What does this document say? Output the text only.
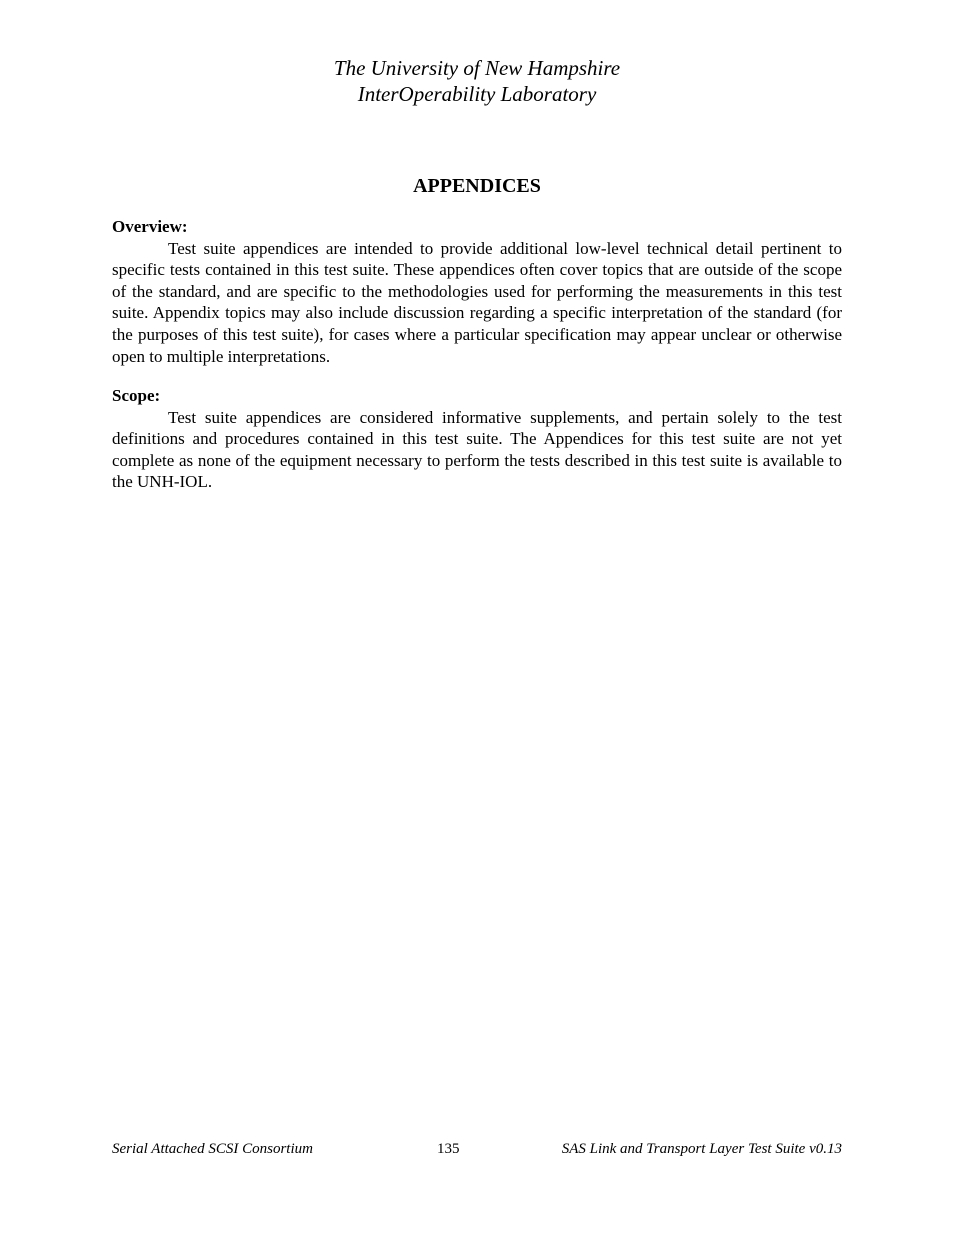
The University of New Hampshire
InterOperability Laboratory
APPENDICES

Overview:

Test suite appendices are intended to provide additional low-level technical detail pertinent to specific tests contained in this test suite. These appendices often cover topics that are outside of the scope of the standard, and are specific to the methodologies used for performing the measurements in this test suite. Appendix topics may also include discussion regarding a specific interpretation of the standard (for the purposes of this test suite), for cases where a particular specification may appear unclear or otherwise open to multiple interpretations.

Scope:

Test suite appendices are considered informative supplements, and pertain solely to the test definitions and procedures contained in this test suite. The Appendices for this test suite are not yet complete as none of the equipment necessary to perform the tests described in this test suite is available to the UNH-IOL.

Serial Attached SCSI Consortium	135	SAS Link and Transport Layer Test Suite v0.13
